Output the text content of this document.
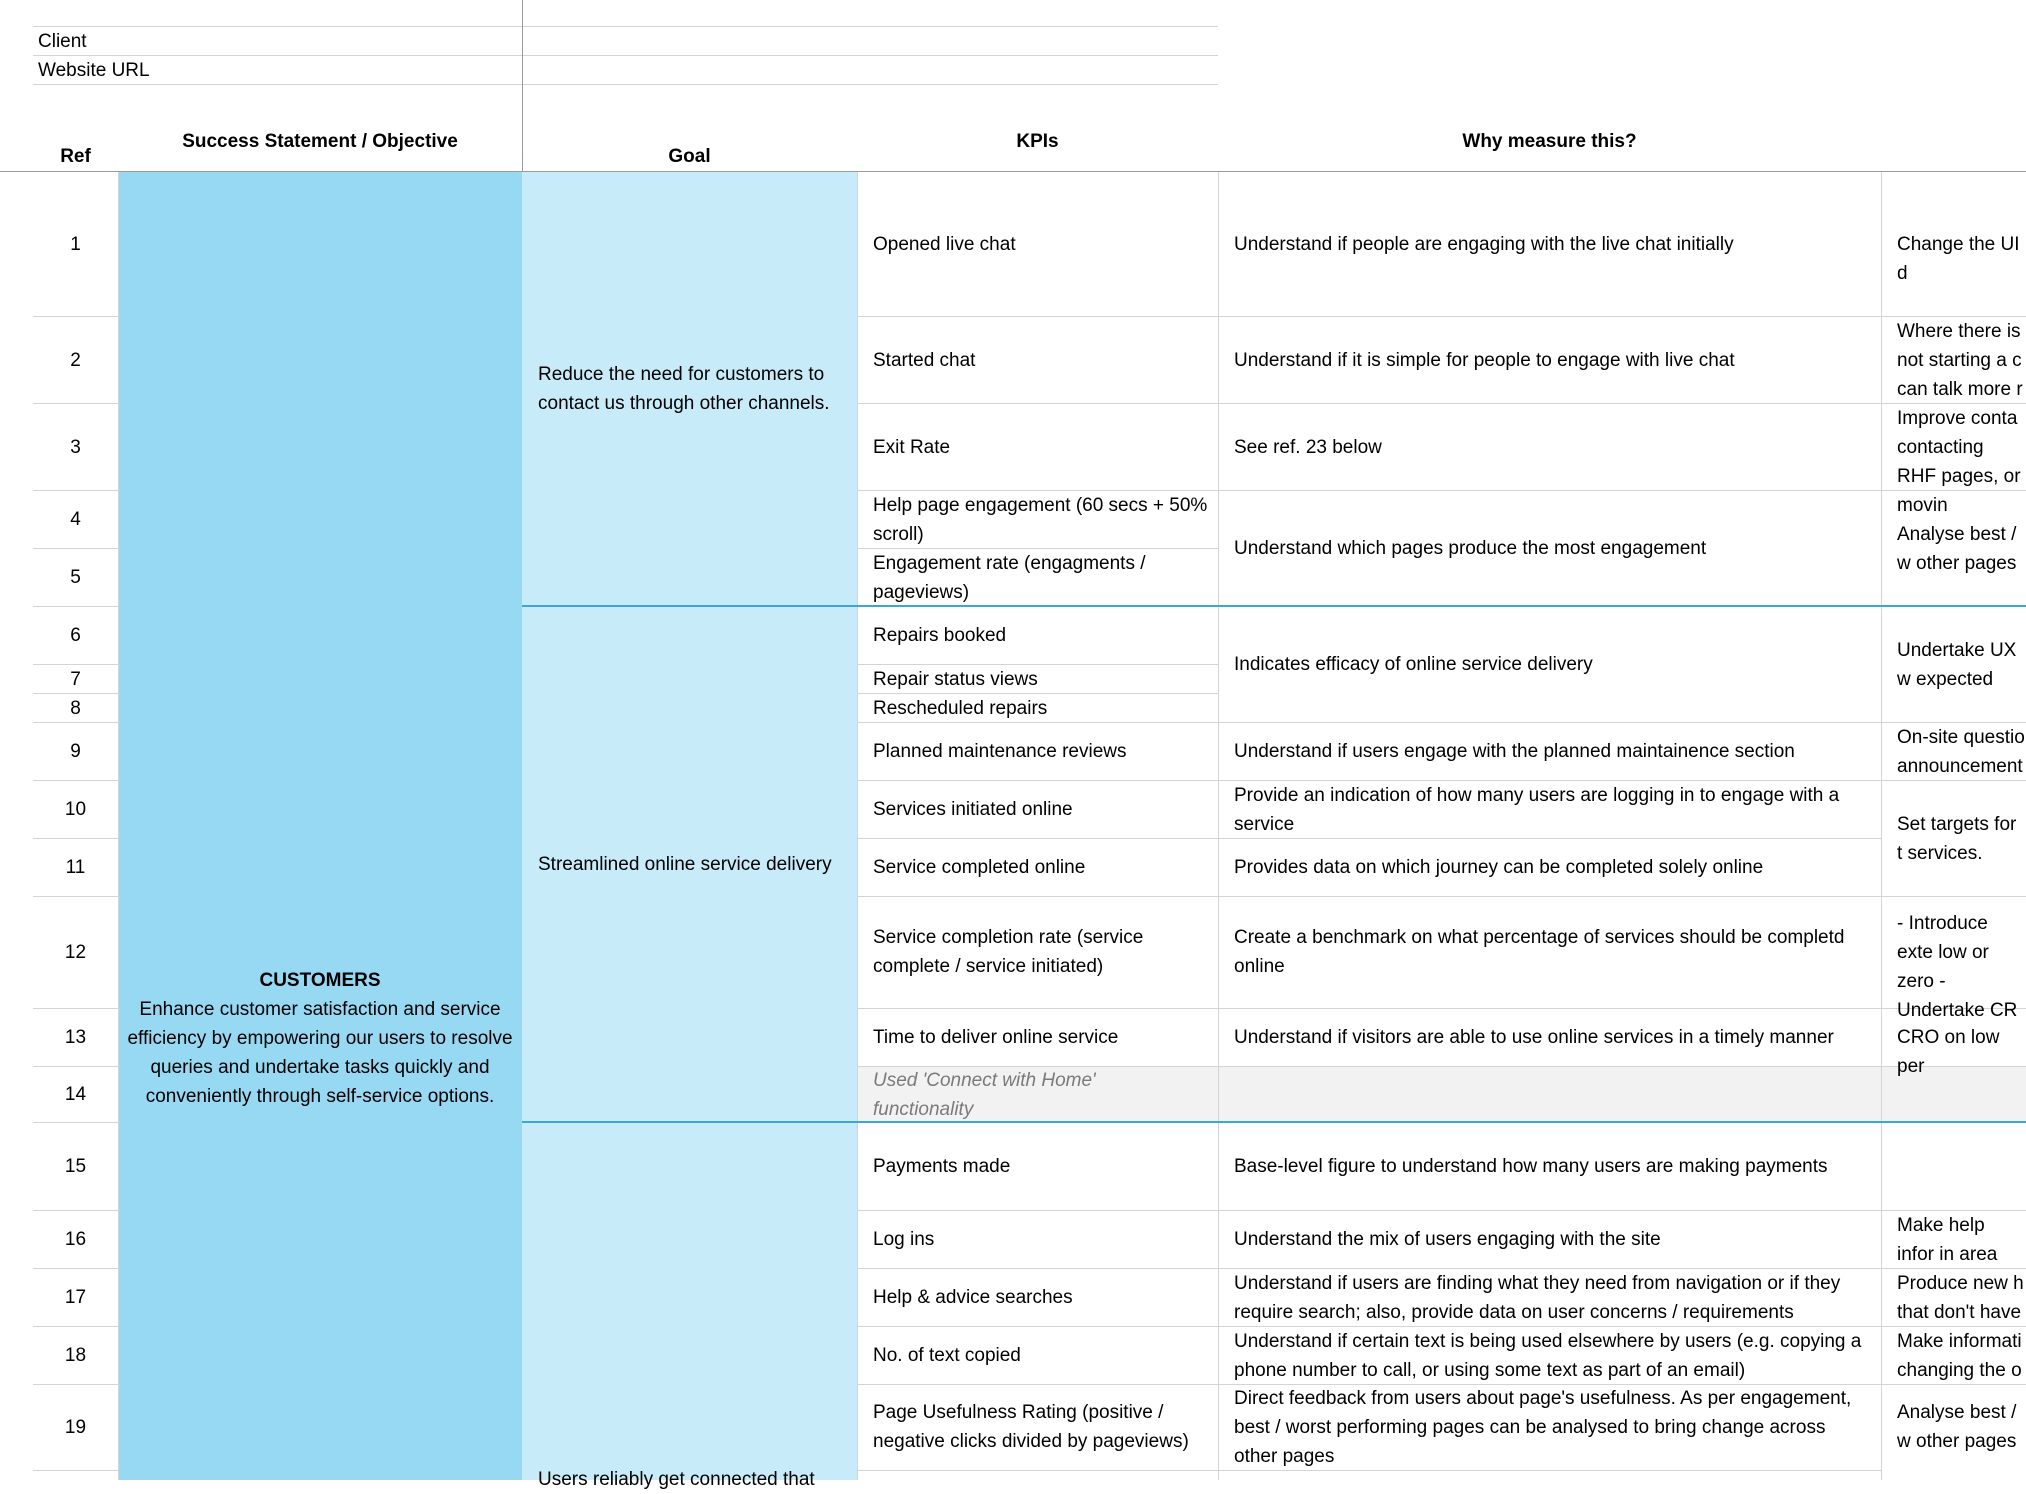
Client
Website URL
Ref
Success Statement / Objective
Goal
KPIs	Why measure this?
CUSTOMERS
Enhance customer satisfaction and service efficiency by empowering our users to resolve queries and undertake tasks quickly and conveniently through self-service options.
Reduce the need for customers to contact us through other channels.
Streamlined online service delivery
Users reliably get connected that
1
2
3
4
5
6
7
8
9
10
11
12
13
14
15
16
17
18
19
Opened live chat
Started chat
Exit Rate
Help page engagement (60 secs + 50% scroll)
Engagement rate (engagments / pageviews)
Repairs booked
Repair status views
Rescheduled repairs
Planned maintenance reviews
Services initiated online
Service completed online
Service completion rate (service complete / service initiated)
Time to deliver online service
Used 'Connect with Home' functionality
Payments made
Log ins
Help & advice searches
No. of text copied
Page Usefulness Rating (positive / negative clicks divided by pageviews)
Understand if people are engaging with the live chat initially
Understand if it is simple for people to engage with live chat
See ref. 23 below
Understand which pages produce the most engagement
Indicates efficacy of online service delivery
Understand if users engage with the planned maintainence section
Provide an indication of how many users are logging in to engage with a service
Provides data on which journey can be completed solely online
Create a benchmark on what percentage of services should be completd online
Understand if visitors are able to use online services in a timely manner
Base-level figure to understand how many users are making payments
Understand the mix of users engaging with the site
Understand if users are finding what they need from navigation or if they require search; also, provide data on user concerns / requirements
Understand if certain text is being used elsewhere by users (e.g. copying a phone number to call, or using some text as part of an email)
Direct feedback from users about page's usefulness. As per engagement, best / worst performing pages can be analysed to bring change across other pages
Change the UI d
Where there is not starting a c can talk more r
Improve conta contacting RHF pages, or movin
Analyse best / w other pages
Undertake UX w expected
On-site questio announcement
Set targets for t services.
- Introduce exte low or zero - Undertake CR
CRO on low per
Make help infor in area
Produce new h that don't have
Make informati changing the o
Analyse best / w other pages
